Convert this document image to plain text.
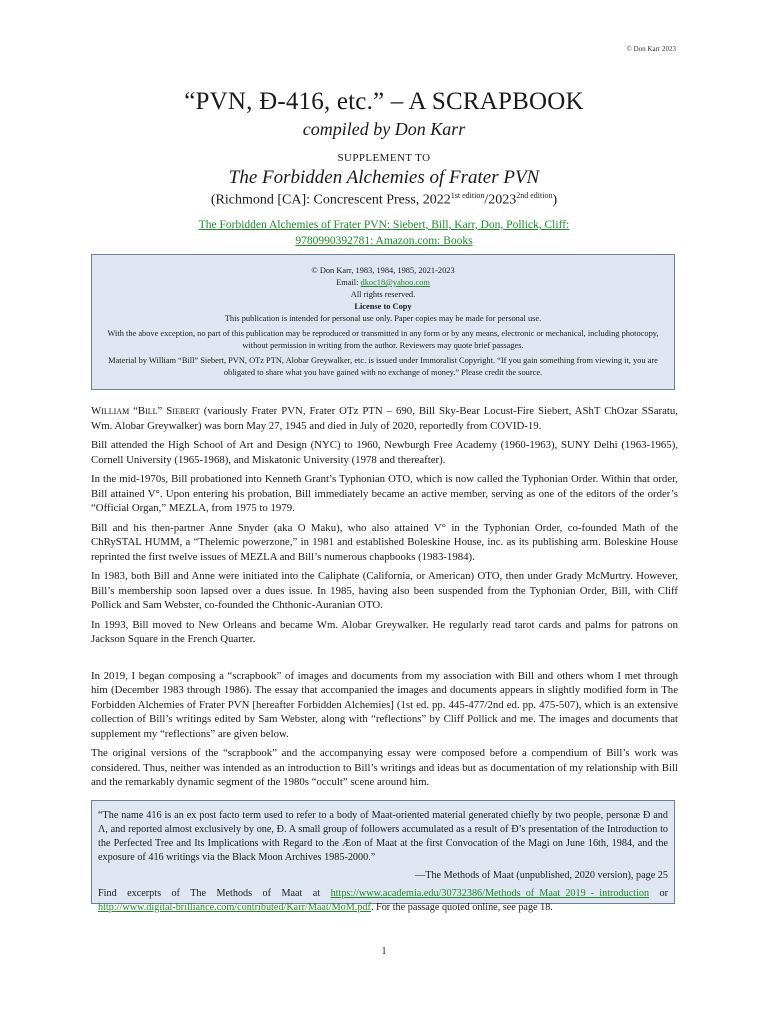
© Don Karr 2023
“PVN, Ð-416, etc.” – A SCRAPBOOK
compiled by Don Karr
SUPPLEMENT TO
The Forbidden Alchemies of Frater PVN
(Richmond [CA]: Concrescent Press, $2022^{1st edition}/2023^{2nd edition}$)
The Forbidden Alchemies of Frater PVN: Siebert, Bill, Karr, Don, Pollick, Cliff:
9780990392781: Amazon.com: Books
© Don Karr, 1983, 1984, 1985, 2021-2023
Email: dkoc18@yahoo.com
All rights reserved.
License to Copy
This publication is intended for personal use only. Paper copies may be made for personal use.
With the above exception, no part of this publication may be reproduced or transmitted in any form or by any means, electronic or mechanical, including photocopy, without permission in writing from the author. Reviewers may quote brief passages.
Material by William “Bill” Siebert, PVN, OTz PTN, Alobar Greywalker, etc. is issued under Immoralist Copyright. “If you gain something from viewing it, you are obligated to share what you have gained with no exchange of money.” Please credit the source.

William “Bill” Siebert (variously Frater PVN, Frater OTz PTN – 690, Bill Sky-Bear Locust-Fire Siebert, AShT ChOzar SSaratu, Wm. Alobar Greywalker) was born May 27, 1945 and died in July of 2020, reportedly from COVID-19.

Bill attended the High School of Art and Design (NYC) to 1960, Newburgh Free Academy (1960-1963), SUNY Delhi (1963-1965), Cornell University (1965-1968), and Miskatonic University (1978 and thereafter).

In the mid-1970s, Bill probationed into Kenneth Grant’s Typhonian OTO, which is now called the Typhonian Order. Within that order, Bill attained V°. Upon entering his probation, Bill immediately became an active member, serving as one of the editors of the order’s “Official Organ,” MEZLA, from 1975 to 1979.

Bill and his then-partner Anne Snyder (aka O Maku), who also attained V° in the Typhonian Order, co-founded Math of the ChRySTAL HUMM, a “Thelemic powerzone,” in 1981 and established Boleskine House, inc. as its publishing arm. Boleskine House reprinted the first twelve issues of MEZLA and Bill’s numerous chapbooks (1983-1984).

In 1983, both Bill and Anne were initiated into the Caliphate (California, or American) OTO, then under Grady McMurtry. However, Bill’s membership soon lapsed over a dues issue. In 1985, having also been suspended from the Typhonian Order, Bill, with Cliff Pollick and Sam Webster, co-founded the Chthonic-Auranian OTO.

In 1993, Bill moved to New Orleans and became Wm. Alobar Greywalker. He regularly read tarot cards and palms for patrons on Jackson Square in the French Quarter.

In 2019, I began composing a “scrapbook” of images and documents from my association with Bill and others whom I met through him (December 1983 through 1986). The essay that accompanied the images and documents appears in slightly modified form in The Forbidden Alchemies of Frater PVN [hereafter Forbidden Alchemies] (1st ed. pp. 445-477/2nd ed. pp. 475-507), which is an extensive collection of Bill’s writings edited by Sam Webster, along with “reflections” by Cliff Pollick and me. The images and documents that supplement my “reflections” are given below.

The original versions of the “scrapbook” and the accompanying essay were composed before a compendium of Bill’s work was considered. Thus, neither was intended as an introduction to Bill’s writings and ideas but as documentation of my relationship with Bill and the remarkably dynamic segment of the 1980s “occult” scene around him.

“The name 416 is an ex post facto term used to refer to a body of Maat-oriented material generated chiefly by two people, personæ Ð and Ʌ, and reported almost exclusively by one, Ð. A small group of followers accumulated as a result of Ð’s presentation of the Introduction to the Perfected Tree and Its Implications with Regard to the Æon of Maat at the first Convocation of the Magi on June 16th, 1984, and the exposure of 416 writings via the Black Moon Archives 1985-2000.”

—The Methods of Maat (unpublished, 2020 version), page 25

Find excerpts of The Methods of Maat at https://www.academia.edu/30732386/Methods_of_Maat_2019_-_introduction or http://www.digital-brilliance.com/contributed/Karr/Maat/MoM.pdf. For the passage quoted online, see page 18.

1
